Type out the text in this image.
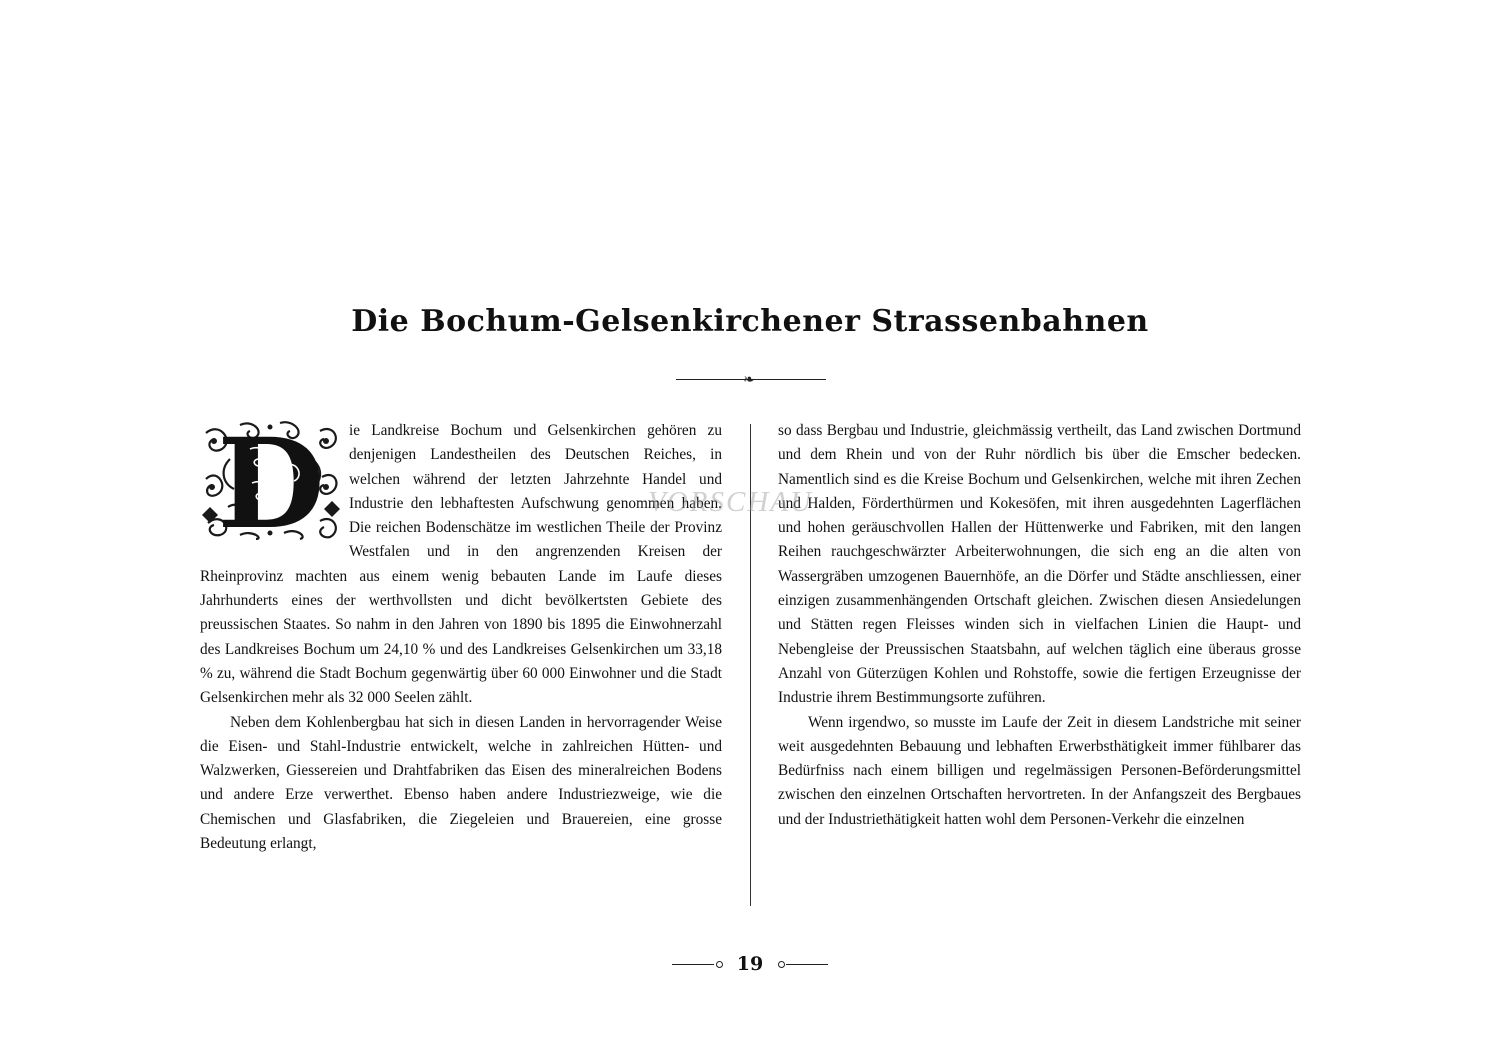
Die Bochum-Gelsenkirchener Strassenbahnen
❧
D	ie Landkreise Bochum und Gelsenkirchen gehören zu denjenigen Landestheilen des Deutschen Reiches, in welchen während der letzten Jahrzehnte Handel und Industrie den lebhaftesten Aufschwung genommen haben. Die reichen Bodenschätze im westlichen Theile der Provinz Westfalen und in den angrenzenden Kreisen der Rheinprovinz machten aus einem wenig bebauten Lande im Laufe dieses Jahrhunderts eines der werthvollsten und dicht bevölkertsten Gebiete des preussischen Staates. So nahm in den Jahren von 1890 bis 1895 die Einwohnerzahl des Landkreises Bochum um 24,10 % und des Landkreises Gelsenkirchen um 33,18 % zu, während die Stadt Bochum gegenwärtig über 60 000 Einwohner und die Stadt Gelsenkirchen mehr als 32 000 Seelen zählt.

Neben dem Kohlenbergbau hat sich in diesen Landen in hervorragender Weise die Eisen- und Stahl-Industrie entwickelt, welche in zahlreichen Hütten- und Walzwerken, Giessereien und Drahtfabriken das Eisen des mineralreichen Bodens und andere Erze verwerthet. Ebenso haben andere Industriezweige, wie die Chemischen und Glasfabriken, die Ziegeleien und Brauereien, eine grosse Bedeutung erlangt,

so dass Bergbau und Industrie, gleichmässig vertheilt, das Land zwischen Dortmund und dem Rhein und von der Ruhr nördlich bis über die Emscher bedecken. Namentlich sind es die Kreise Bochum und Gelsenkirchen, welche mit ihren Zechen und Halden, Förderthürmen und Kokesöfen, mit ihren ausgedehnten Lagerflächen und hohen geräuschvollen Hallen der Hüttenwerke und Fabriken, mit den langen Reihen rauchgeschwärzter Arbeiterwohnungen, die sich eng an die alten von Wassergräben umzogenen Bauernhöfe, an die Dörfer und Städte anschliessen, einer einzigen zusammenhängenden Ortschaft gleichen. Zwischen diesen Ansiedelungen und Stätten regen Fleisses winden sich in vielfachen Linien die Haupt- und Nebengleise der Preussischen Staatsbahn, auf welchen täglich eine überaus grosse Anzahl von Güterzügen Kohlen und Rohstoffe, sowie die fertigen Erzeugnisse der Industrie ihrem Bestimmungsorte zuführen.

Wenn irgendwo, so musste im Laufe der Zeit in diesem Landstriche mit seiner weit ausgedehnten Bebauung und lebhaften Erwerbsthätigkeit immer fühlbarer das Bedürfniss nach einem billigen und regelmässigen Personen-Beförderungsmittel zwischen den einzelnen Ortschaften hervortreten. In der Anfangszeit des Bergbaues und der Industriethätigkeit hatten wohl dem Personen-Verkehr die einzelnen

VORSCHAU
19
